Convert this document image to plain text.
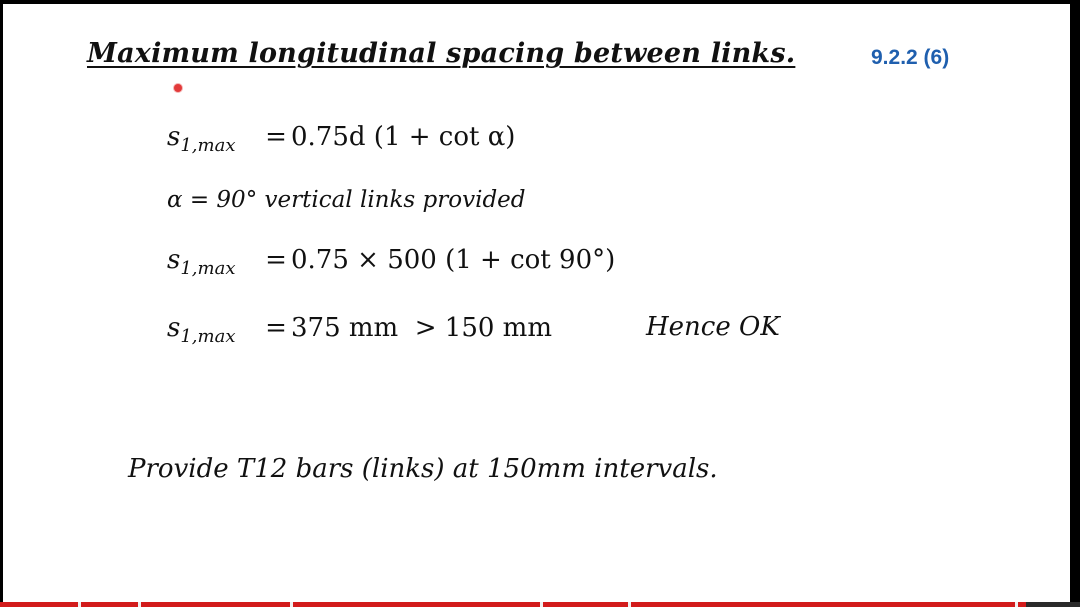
Maximum longitudinal spacing between links.	9.2.2 (6)
$s_{1,max} = 0.75d$ (1 + cot α)
α = 90° vertical links provided
$s_{1,max} = 0.75 \times 500$ (1 + cot 90°)
$s_{1,max} = 375$ mm  > 150 mm	Hence OK
Provide T12 bars (links) at 150mm intervals.
